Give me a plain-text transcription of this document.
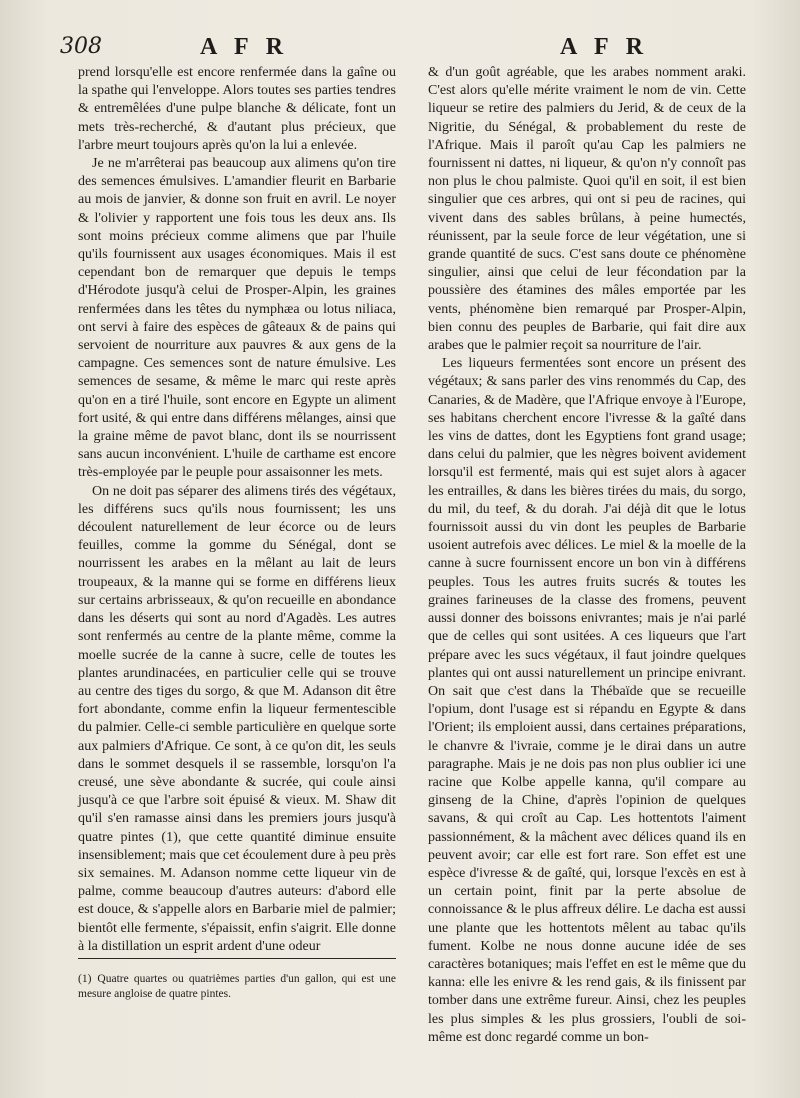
308	A F R	A F R

prend lorsqu'elle est encore renfermée dans la gaîne ou la spathe qui l'enveloppe. Alors toutes ses parties tendres & entremêlées d'une pulpe blanche & délicate, font un mets très-recherché, & d'autant plus précieux, que l'arbre meurt toujours après qu'on la lui a enlevée.

Je ne m'arrêterai pas beaucoup aux alimens qu'on tire des semences émulsives. L'amandier fleurit en Barbarie au mois de janvier, & donne son fruit en avril. Le noyer & l'olivier y rapportent une fois tous les deux ans. Ils sont moins précieux comme alimens que par l'huile qu'ils fournissent aux usages économiques. Mais il est cependant bon de remarquer que depuis le temps d'Hérodote jusqu'à celui de Prosper-Alpin, les graines renfermées dans les têtes du nymphæa ou lotus niliaca, ont servi à faire des espèces de gâteaux & de pains qui servoient de nourriture aux pauvres & aux gens de la campagne. Ces semences sont de nature émulsive. Les semences de sesame, & même le marc qui reste après qu'on en a tiré l'huile, sont encore en Egypte un aliment fort usité, & qui entre dans différens mêlanges, ainsi que la graine même de pavot blanc, dont ils se nourrissent sans aucun inconvénient. L'huile de carthame est encore très-employée par le peuple pour assaisonner les mets.

On ne doit pas séparer des alimens tirés des végétaux, les différens sucs qu'ils nous fournissent; les uns découlent naturellement de leur écorce ou de leurs feuilles, comme la gomme du Sénégal, dont se nourrissent les arabes en la mêlant au lait de leurs troupeaux, & la manne qui se forme en différens lieux sur certains arbrisseaux, & qu'on recueille en abondance dans les déserts qui sont au nord d'Agadès. Les autres sont renfermés au centre de la plante même, comme la moelle sucrée de la canne à sucre, celle de toutes les plantes arundinacées, en particulier celle qui se trouve au centre des tiges du sorgo, & que M. Adanson dit être fort abondante, comme enfin la liqueur fermentescible du palmier. Celle-ci semble particulière en quelque sorte aux palmiers d'Afrique. Ce sont, à ce qu'on dit, les seuls dans le sommet desquels il se rassemble, lorsqu'on l'a creusé, une sève abondante & sucrée, qui coule ainsi jusqu'à ce que l'arbre soit épuisé & vieux. M. Shaw dit qu'il s'en ramasse ainsi dans les premiers jours jusqu'à quatre pintes (1), que cette quantité diminue ensuite insensiblement; mais que cet écoulement dure à peu près six semaines. M. Adanson nomme cette liqueur vin de palme, comme beaucoup d'autres auteurs: d'abord elle est douce, & s'appelle alors en Barbarie miel de palmier; bientôt elle fermente, s'épaissit, enfin s'aigrit. Elle donne à la distillation un esprit ardent d'une odeur

(1) Quatre quartes ou quatrièmes parties d'un gallon, qui est une mesure angloise de quatre pintes.

& d'un goût agréable, que les arabes nomment araki. C'est alors qu'elle mérite vraiment le nom de vin. Cette liqueur se retire des palmiers du Jerid, & de ceux de la Nigritie, du Sénégal, & probablement du reste de l'Afrique. Mais il paroît qu'au Cap les palmiers ne fournissent ni dattes, ni liqueur, & qu'on n'y connoît pas non plus le chou palmiste. Quoi qu'il en soit, il est bien singulier que ces arbres, qui ont si peu de racines, qui vivent dans des sables brûlans, à peine humectés, réunissent, par la seule force de leur végétation, une si grande quantité de sucs. C'est sans doute ce phénomène singulier, ainsi que celui de leur fécondation par la poussière des étamines des mâles emportée par les vents, phénomène bien remarqué par Prosper-Alpin, bien connu des peuples de Barbarie, qui fait dire aux arabes que le palmier reçoit sa nourriture de l'air.

Les liqueurs fermentées sont encore un présent des végétaux; & sans parler des vins renommés du Cap, des Canaries, & de Madère, que l'Afrique envoye à l'Europe, ses habitans cherchent encore l'ivresse & la gaîté dans les vins de dattes, dont les Egyptiens font grand usage; dans celui du palmier, que les nègres boivent avidement lorsqu'il est fermenté, mais qui est sujet alors à agacer les entrailles, & dans les bières tirées du mais, du sorgo, du mil, du teef, & du dorah. J'ai déjà dit que le lotus fournissoit aussi du vin dont les peuples de Barbarie usoient autrefois avec délices. Le miel & la moelle de la canne à sucre fournissent encore un bon vin à différens peuples. Tous les autres fruits sucrés & toutes les graines farineuses de la classe des fromens, peuvent aussi donner des boissons enivrantes; mais je n'ai parlé que de celles qui sont usitées. A ces liqueurs que l'art prépare avec les sucs végétaux, il faut joindre quelques plantes qui ont aussi naturellement un principe enivrant. On sait que c'est dans la Thébaïde que se recueille l'opium, dont l'usage est si répandu en Egypte & dans l'Orient; ils emploient aussi, dans certaines préparations, le chanvre & l'ivraie, comme je le dirai dans un autre paragraphe. Mais je ne dois pas non plus oublier ici une racine que Kolbe appelle kanna, qu'il compare au ginseng de la Chine, d'après l'opinion de quelques savans, & qui croît au Cap. Les hottentots l'aiment passionnément, & la mâchent avec délices quand ils en peuvent avoir; car elle est fort rare. Son effet est une espèce d'ivresse & de gaîté, qui, lorsque l'excès en est à un certain point, finit par la perte absolue de connoissance & le plus affreux délire. Le dacha est aussi une plante que les hottentots mêlent au tabac qu'ils fument. Kolbe ne nous donne aucune idée de ses caractères botaniques; mais l'effet en est le même que du kanna: elle les enivre & les rend gais, & ils finissent par tomber dans une extrême fureur. Ainsi, chez les peuples les plus simples & les plus grossiers, l'oubli de soi-même est donc regardé comme un bon-
